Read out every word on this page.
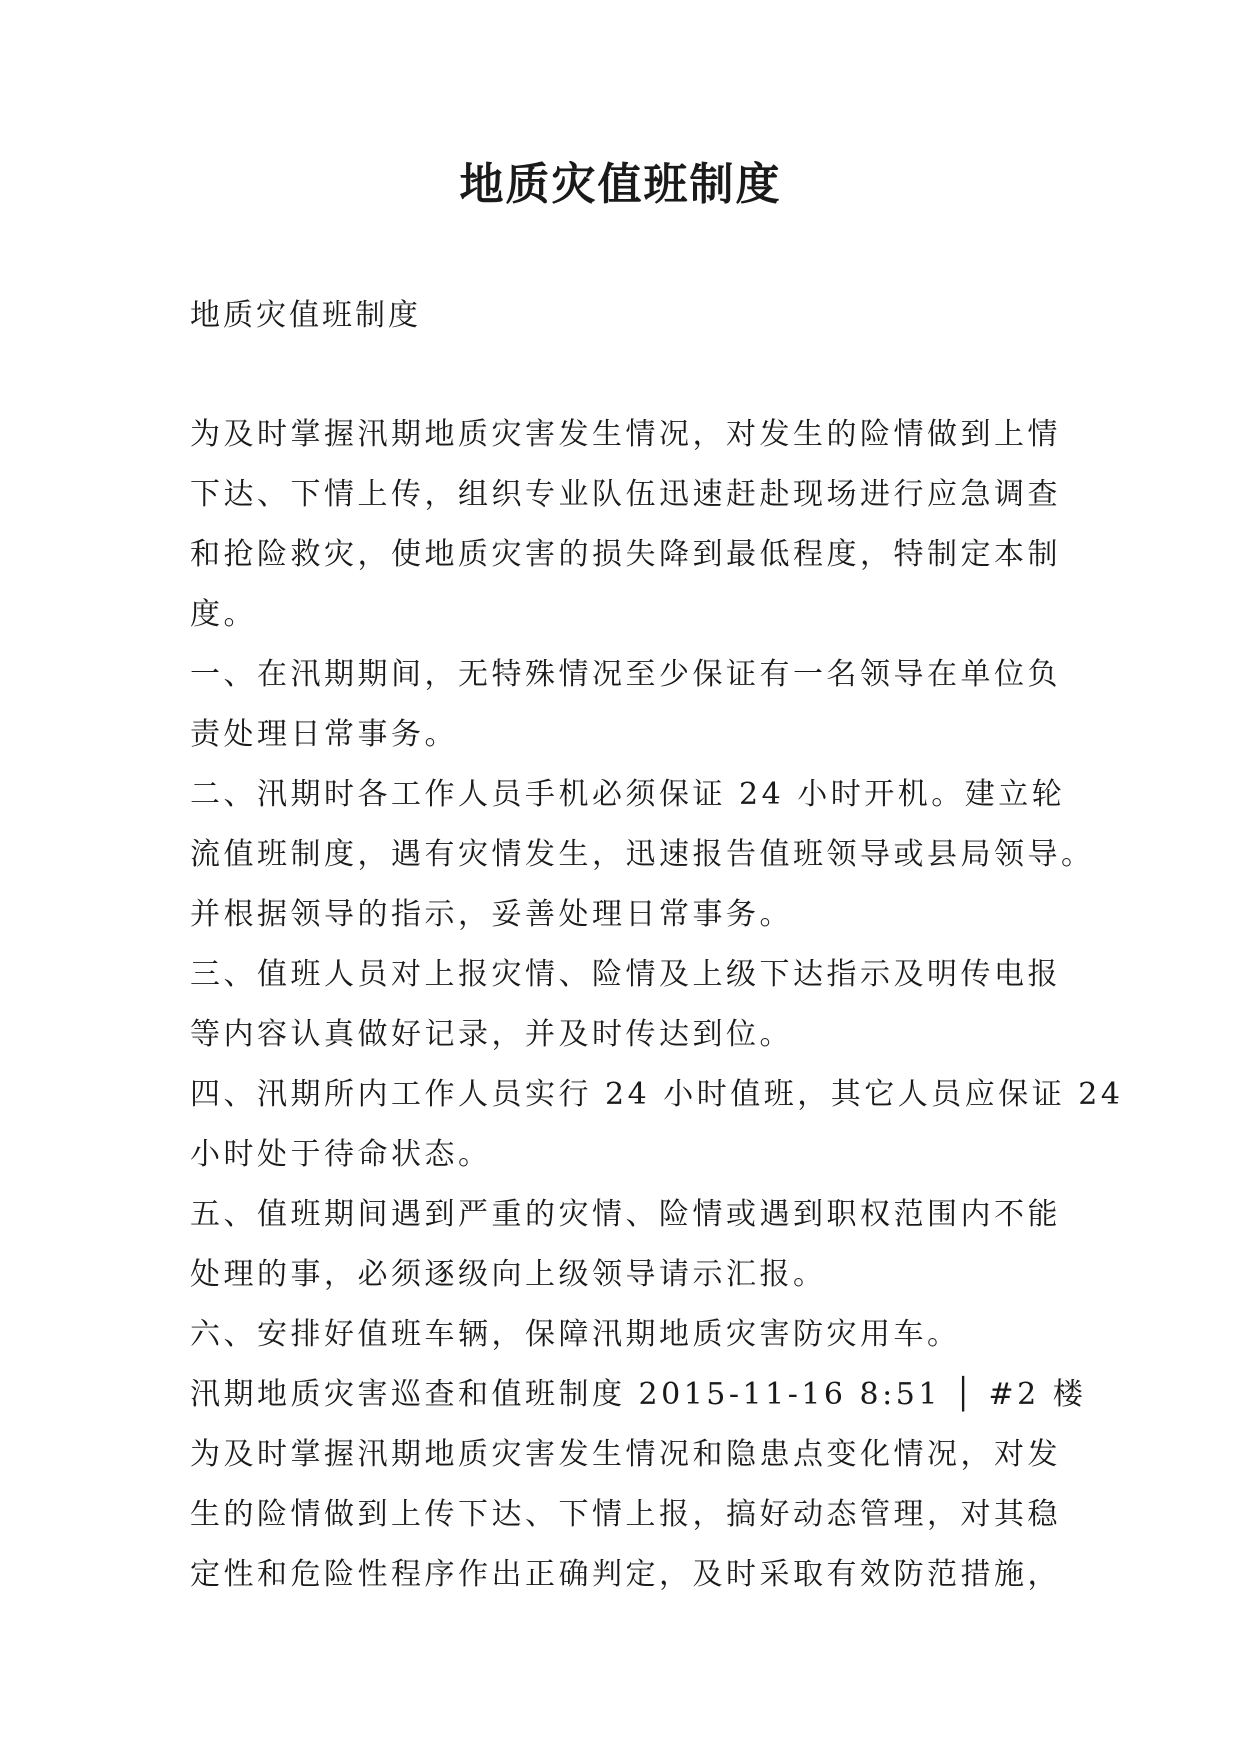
地质灾值班制度

地质灾值班制度

为及时掌握汛期地质灾害发生情况，对发生的险情做到上情
下达、下情上传，组织专业队伍迅速赶赴现场进行应急调查
和抢险救灾，使地质灾害的损失降到最低程度，特制定本制
度。
一、在汛期期间，无特殊情况至少保证有一名领导在单位负
责处理日常事务。
二、汛期时各工作人员手机必须保证 24 小时开机。建立轮
流值班制度，遇有灾情发生，迅速报告值班领导或县局领导。
并根据领导的指示，妥善处理日常事务。
三、值班人员对上报灾情、险情及上级下达指示及明传电报
等内容认真做好记录，并及时传达到位。
四、汛期所内工作人员实行 24 小时值班，其它人员应保证 24
小时处于待命状态。
五、值班期间遇到严重的灾情、险情或遇到职权范围内不能
处理的事，必须逐级向上级领导请示汇报。
六、安排好值班车辆，保障汛期地质灾害防灾用车。
汛期地质灾害巡查和值班制度 2015-11-16 8:51 │ #2 楼
为及时掌握汛期地质灾害发生情况和隐患点变化情况，对发
生的险情做到上传下达、下情上报，搞好动态管理，对其稳
定性和危险性程序作出正确判定，及时采取有效防范措施，
